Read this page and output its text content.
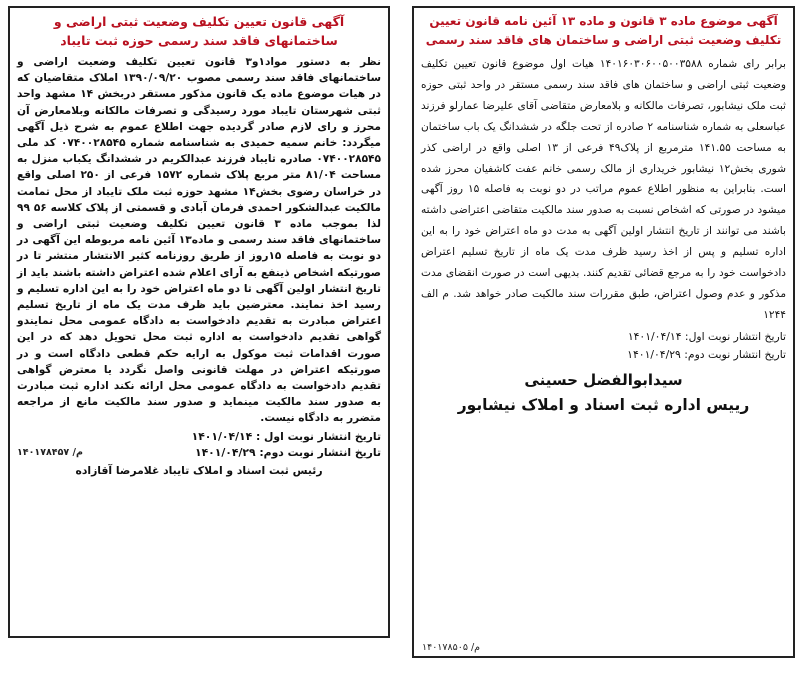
آگهی موضوع ماده ۳ قانون و ماده ۱۳ آئین نامه قانون تعیین
تکلیف وضعیت ثبتی اراضی و ساختمان های فاقد سند رسمی
برابر رای شماره ۱۴۰۱۶۰۳۰۶۰۰۵۰۰۳۵۸۸ هیات اول موضوع قانون تعیین تکلیف وضعیت ثبتی اراضی و ساختمان های فاقد سند رسمی مستقر در واحد ثبتی حوزه ثبت ملک نیشابور، تصرفات مالکانه و بلامعارض متقاضی آقای علیرضا عمارلو فرزند عباسعلی به شماره شناسنامه ۲ صادره از تحت جلگه در ششدانگ یک باب ساختمان به مساحت ۱۴۱.۵۵ مترمربع از پلاک۴۹ فرعی از ۱۳ اصلی واقع در اراضی کذر شوری بخش۱۲ نیشابور خریداری از مالک رسمی خانم عفت کاشفیان محرز شده است. بنابراین به منظور اطلاع عموم مراتب در دو نوبت به فاصله ۱۵ روز آگهی میشود در صورتی که اشخاص نسبت به صدور سند مالکیت متقاضی اعتراضی داشته باشند می توانند از تاریخ انتشار اولین آگهی به مدت دو ماه اعتراض خود را به این اداره تسلیم و پس از اخذ رسید ظرف مدت یک ماه از تاریخ تسلیم اعتراض دادخواست خود را به مرجع قضائی تقدیم کنند. بدیهی است در صورت انقضای مدت مذکور و عدم وصول اعتراض، طبق مقررات سند مالکیت صادر خواهد شد. م الف ۱۲۴۴
تاریخ انتشار نوبت اول: ۱۴۰۱/۰۴/۱۴
تاریخ انتشار نوبت دوم: ۱۴۰۱/۰۴/۲۹
سیدابوالفضل حسینی
رییس اداره ثبت اسناد و املاک نیشابور
م/ ۱۴۰۱۷۸۵۰۵
آگهی قانون تعیین تکلیف وضعیت ثبتی اراضی و
ساختمانهای فاقد سند رسمی حوزه ثبت تایباد
نظر به دستور مواد۱و۳ قانون تعیین تکلیف وضعیت اراضی و ساختمانهای فاقد سند رسمی مصوب ۱۳۹۰/۰۹/۲۰ املاک متقاضیان که در هیات موضوع ماده یک قانون مذکور مستقر دربخش ۱۴ مشهد واحد ثبتی شهرستان تایباد مورد رسیدگی و تصرفات مالکانه وبلامعارض آن محرز و رای لازم صادر گردیده جهت اطلاع عموم به شرح ذیل آگهی میگردد: خانم سمیه حمیدی به شناسنامه شماره ۰۷۴۰۰۲۸۵۴۵ کد ملی ۰۷۴۰۰۲۸۵۴۵ صادره تایباد فرزند عبدالکریم در ششدانگ یکباب منزل به مساحت ۸۱/۰۴ متر مربع پلاک شماره ۱۵۷۲ فرعی از ۲۵۰ اصلی واقع در خراسان رضوی بخش۱۴ مشهد حوزه ثبت ملک تایباد از محل تمامت مالکیت عبدالشکور احمدی فرمان آبادی و قسمتی از پلاک کلاسه ۵۶ ۹۹ لذا بموجب ماده ۳ قانون تعیین تکلیف وضعیت ثبتی اراضی و ساختمانهای فاقد سند رسمی و ماده۱۳ آئین نامه مربوطه این آگهی در دو نوبت به فاصله ۱۵روز از طریق روزنامه کثیر الانتشار منتشر تا در صورتیکه اشخاص ذینفع به آرای اعلام شده اعتراض داشته باشند باید از تاریخ انتشار اولین آگهی تا دو ماه اعتراض خود را به این اداره تسلیم و رسید اخذ نمایند. معترضین باید ظرف مدت یک ماه از تاریخ تسلیم اعتراض مبادرت به تقدیم دادخواست به دادگاه عمومی محل نمایندو گواهی تقدیم دادخواست به اداره ثبت محل تحویل دهد که در این صورت اقدامات ثبت موکول به ارایه حکم قطعی دادگاه است و در صورتیکه اعتراض در مهلت قانونی واصل نگردد یا معترض گواهی تقدیم دادخواست به دادگاه عمومی محل ارائه نکند اداره ثبت مبادرت به صدور سند مالکیت مینماید و صدور سند مالکیت مانع از مراجعه متضرر به دادگاه نیست.
تاریخ انتشار نوبت اول : ۱۴۰۱/۰۴/۱۴
تاریخ انتشار نوبت دوم: ۱۴۰۱/۰۴/۲۹
م/ ۱۴۰۱۷۸۴۵۷
رئیس ثبت اسناد و املاک تایباد غلامرضا آقازاده
